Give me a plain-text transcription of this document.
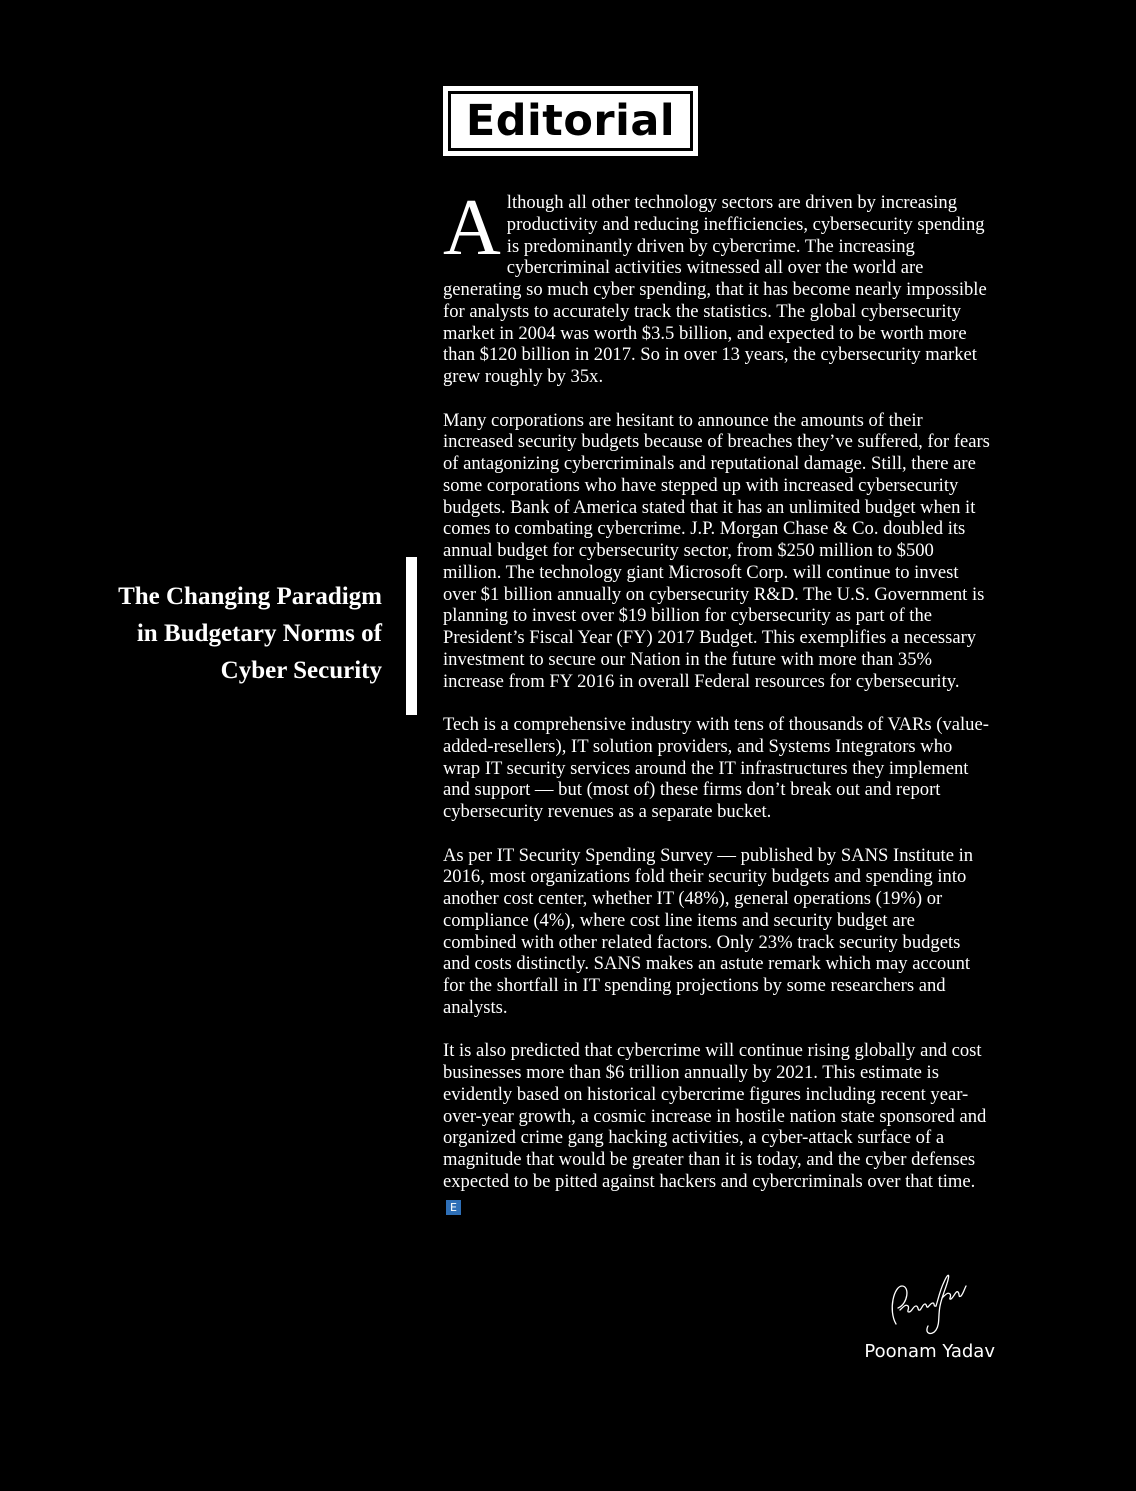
Editorial
The Changing Paradigm
in Budgetary Norms of
Cyber Security

Although all other technology sectors are driven by increasing productivity and reducing inefficiencies, cybersecurity spending is predominantly driven by cybercrime. The increasing cybercriminal activities witnessed all over the world are generating so much cyber spending, that it has become nearly impossible for analysts to accurately track the statistics. The global cybersecurity market in 2004 was worth $3.5 billion, and expected to be worth more than $120 billion in 2017. So in over 13 years, the cybersecurity market grew roughly by 35x.

Many corporations are hesitant to announce the amounts of their increased security budgets because of breaches they’ve suffered, for fears of antagonizing cybercriminals and reputational damage. Still, there are some corporations who have stepped up with increased cybersecurity budgets. Bank of America stated that it has an unlimited budget when it comes to combating cybercrime. J.P. Morgan Chase & Co. doubled its annual budget for cybersecurity sector, from $250 million to $500 million. The technology giant Microsoft Corp. will continue to invest over $1 billion annually on cybersecurity R&D. The U.S. Government is planning to invest over $19 billion for cybersecurity as part of the President’s Fiscal Year (FY) 2017 Budget. This exemplifies a necessary investment to secure our Nation in the future with more than 35% increase from FY 2016 in overall Federal resources for cybersecurity.

Tech is a comprehensive industry with tens of thousands of VARs (value-added-resellers), IT solution providers, and Systems Integrators who wrap IT security services around the IT infrastructures they implement and support — but (most of) these firms don’t break out and report cybersecurity revenues as a separate bucket.

As per IT Security Spending Survey — published by SANS Institute in 2016, most organizations fold their security budgets and spending into another cost center, whether IT (48%), general operations (19%) or compliance (4%), where cost line items and security budget are combined with other related factors. Only 23% track security budgets and costs distinctly. SANS makes an astute remark which may account for the shortfall in IT spending projections by some researchers and analysts.

It is also predicted that cybercrime will continue rising globally and cost businesses more than $6 trillion annually by 2021. This estimate is evidently based on historical cybercrime figures including recent year-over-year growth, a cosmic increase in hostile nation state sponsored and organized crime gang hacking activities, a cyber-attack surface of a magnitude that would be greater than it is today, and the cyber defenses expected to be pitted against hackers and cybercriminals over that time.E

Poonam Yadav
